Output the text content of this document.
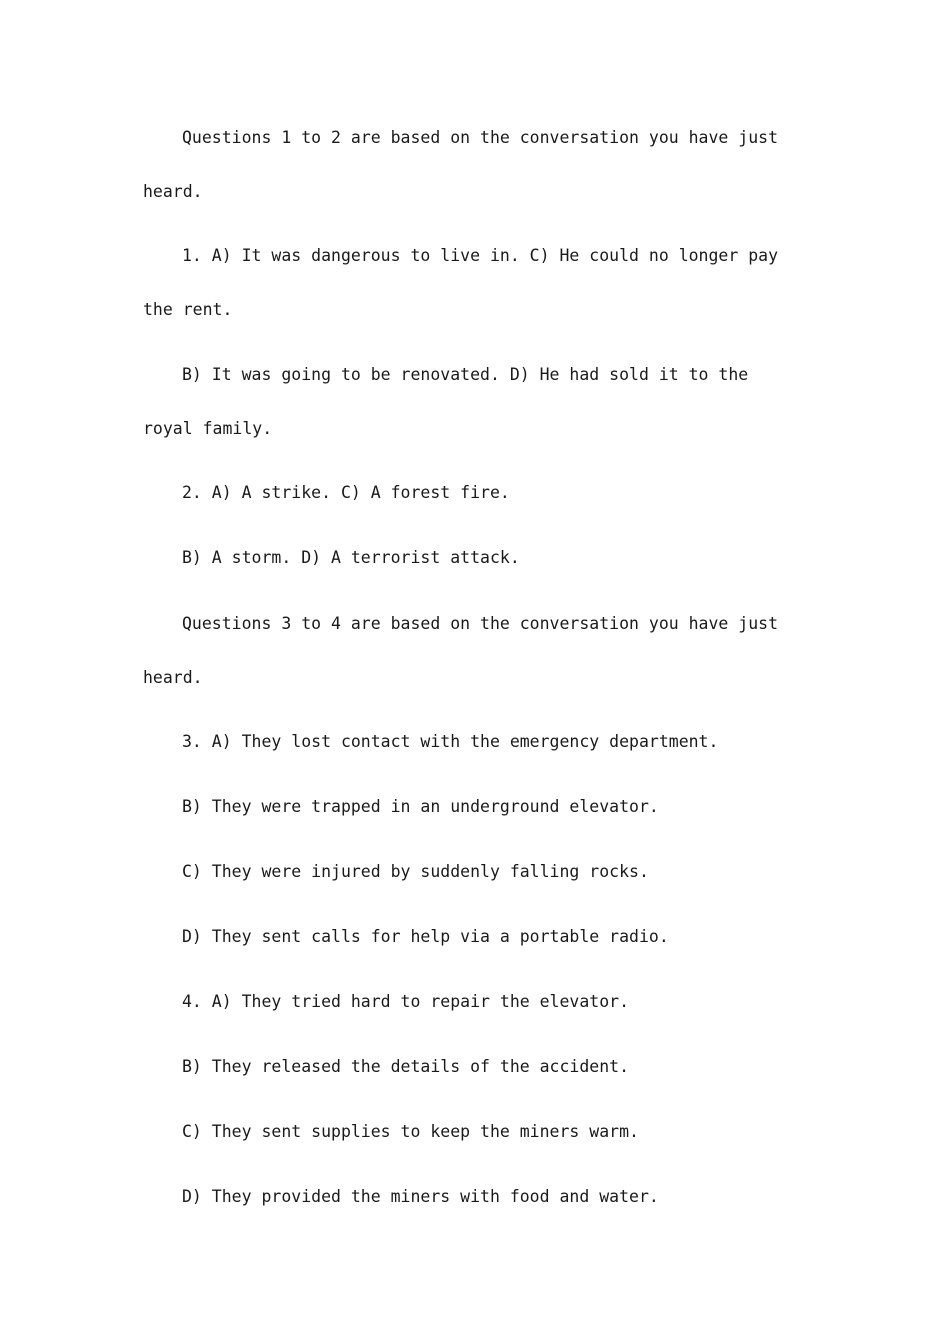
Questions 1 to 2 are based on the conversation you have just heard.

1. A) It was dangerous to live in. C) He could no longer pay the rent.

B) It was going to be renovated. D) He had sold it to the royal family.

2. A) A strike. C) A forest fire.

B) A storm. D) A terrorist attack.

Questions 3 to 4 are based on the conversation you have just heard.

3. A) They lost contact with the emergency department.

B) They were trapped in an underground elevator.

C) They were injured by suddenly falling rocks.

D) They sent calls for help via a portable radio.

4. A) They tried hard to repair the elevator.

B) They released the details of the accident.

C) They sent supplies to keep the miners warm.

D) They provided the miners with food and water.
